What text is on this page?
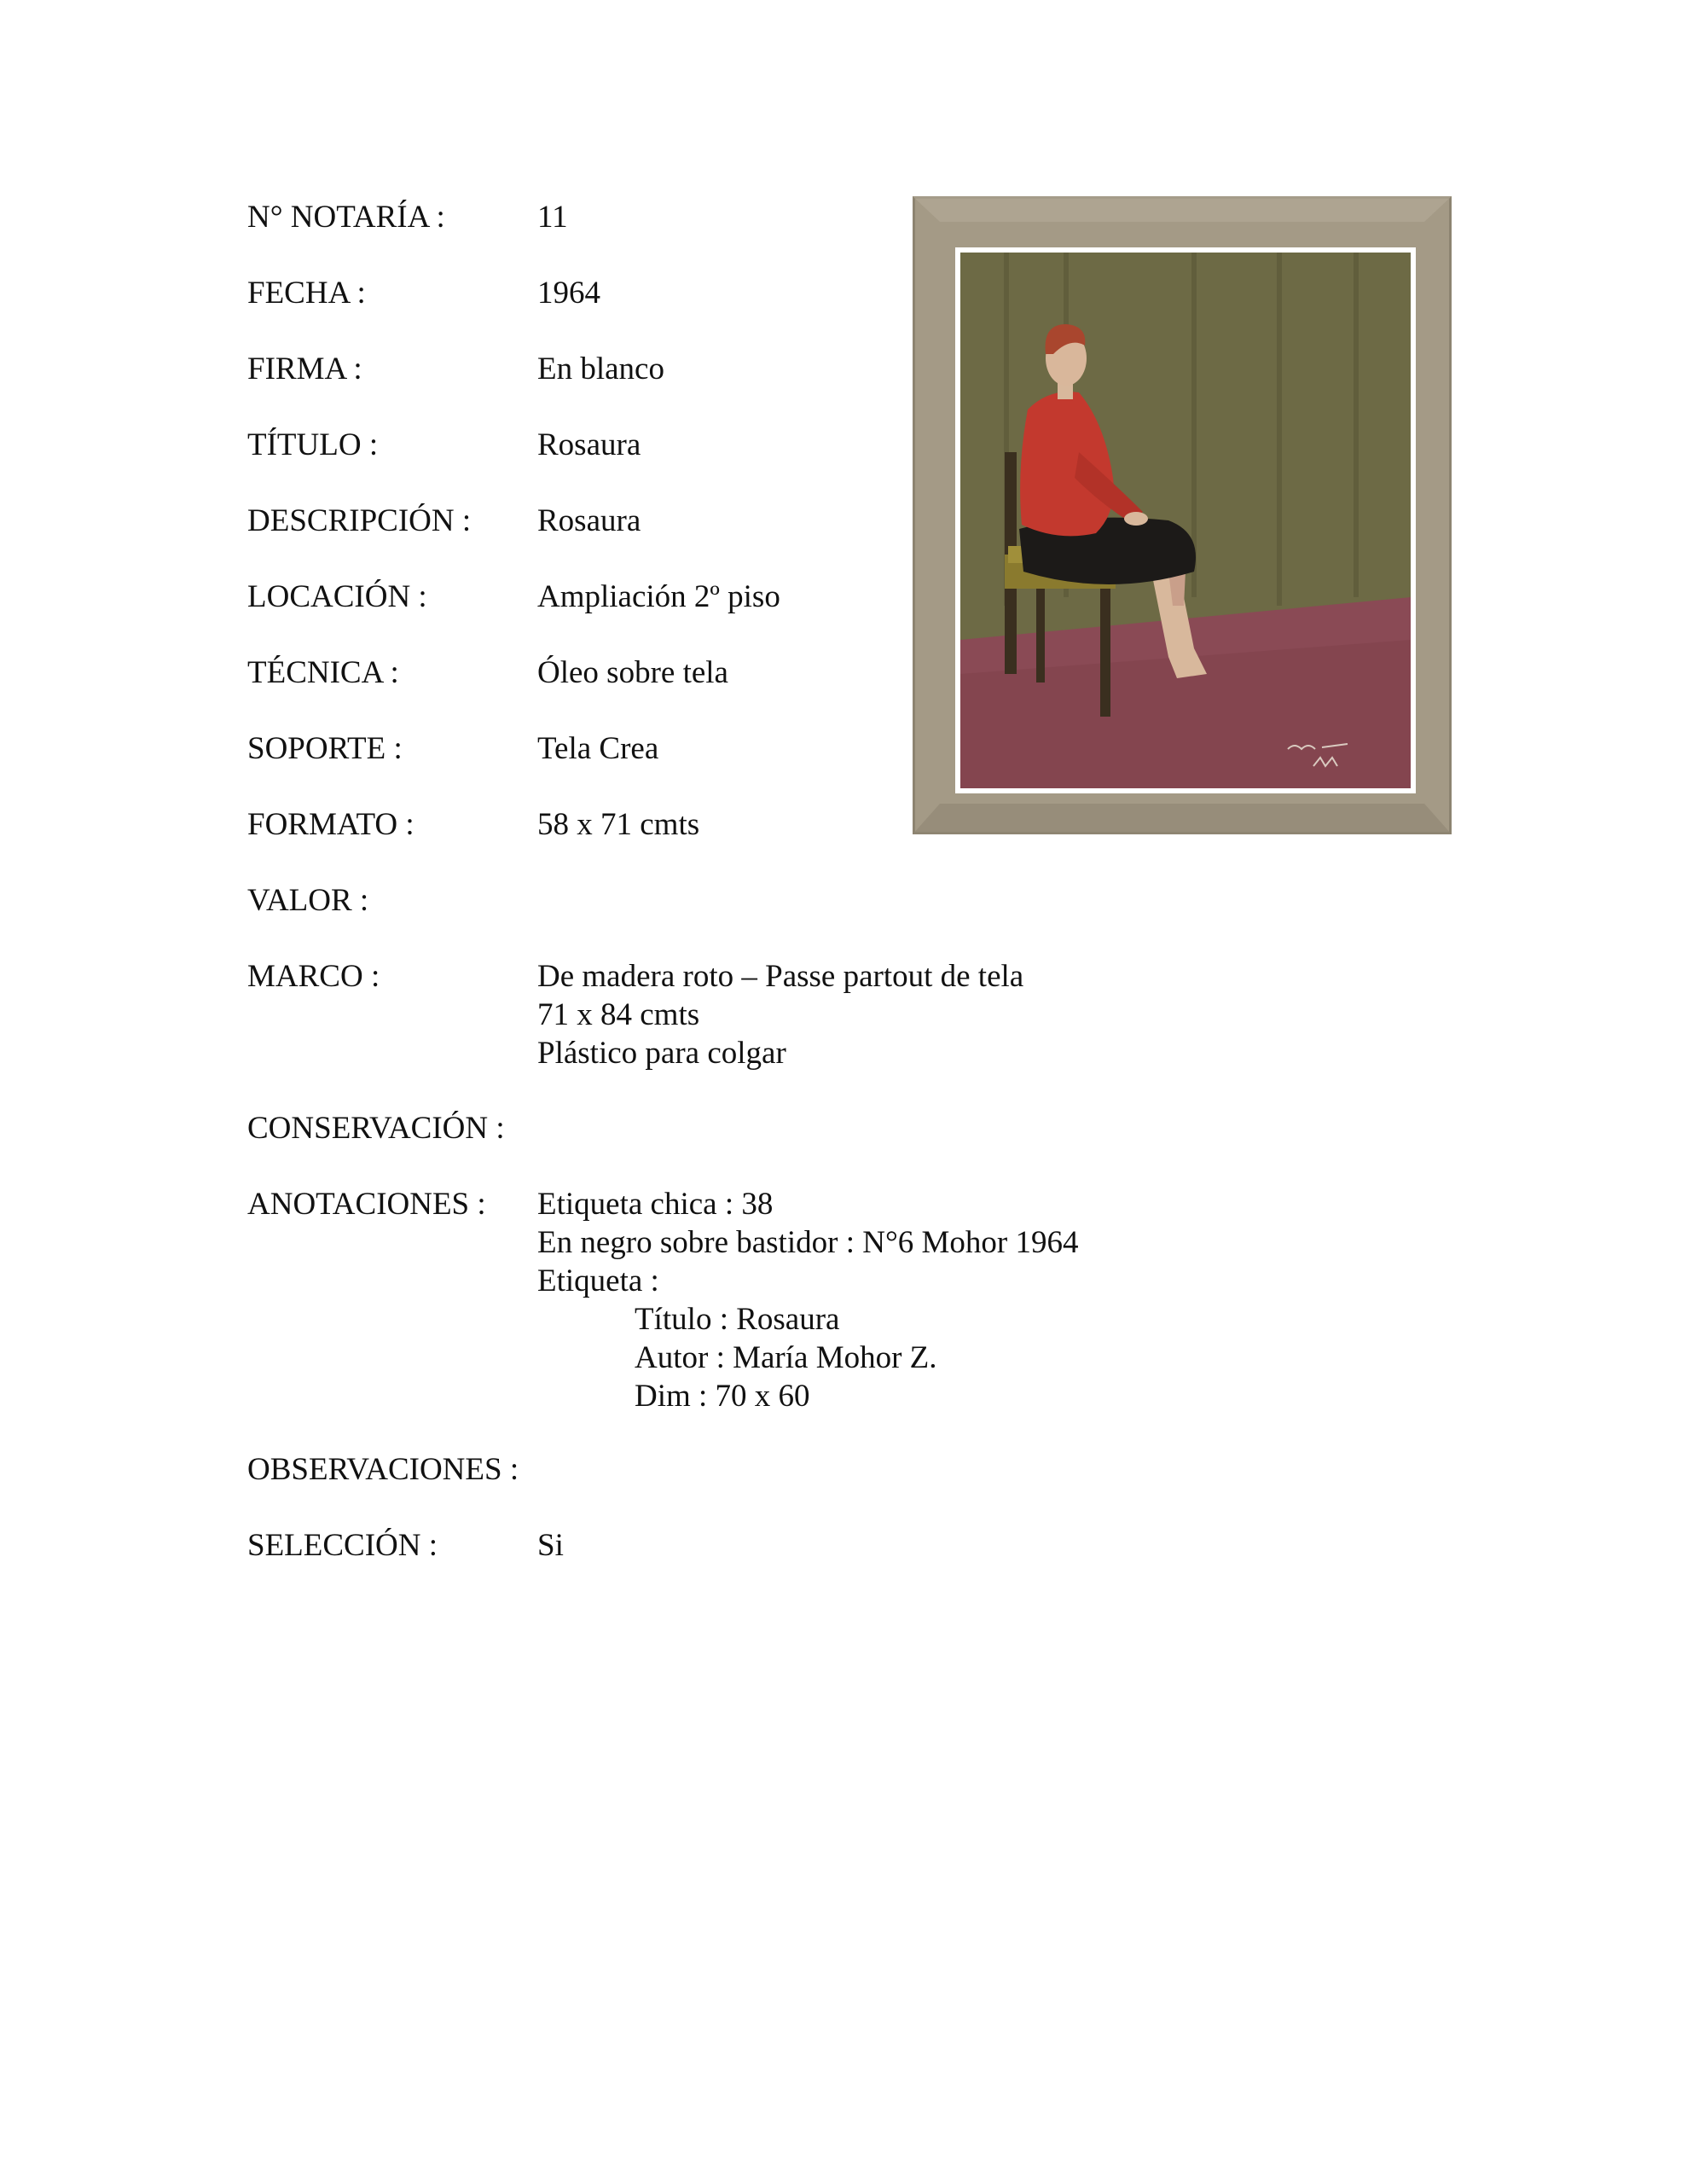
N° NOTARÍA :	11
FECHA :	1964
FIRMA :	En blanco
TÍTULO :	Rosaura
DESCRIPCIÓN : Rosaura
LOCACIÓN :	Ampliación 2º piso
TÉCNICA :	Óleo sobre tela
SOPORTE :	Tela Crea
FORMATO :	58 x 71 cmts
VALOR :
MARCO :	De madera roto – Passe partout de tela
71 x 84 cmts
Plástico para colgar
CONSERVACIÓN :
ANOTACIONES : Etiqueta chica : 38
En negro sobre bastidor : N°6 Mohor 1964
Etiqueta :
Título : Rosaura
Autor : María Mohor Z.
Dim : 70 x 60
OBSERVACIONES :
SELECCIÓN :	Si
